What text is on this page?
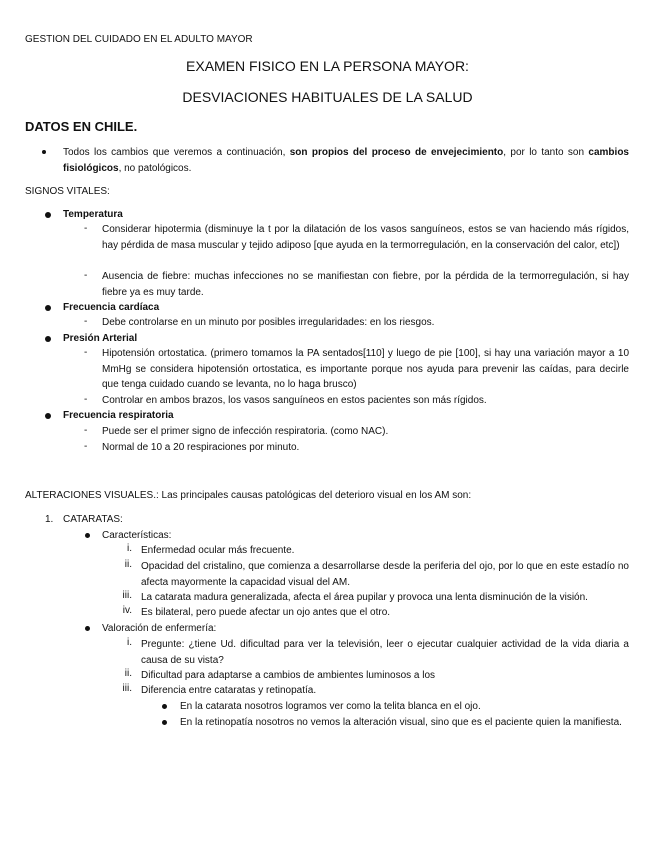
GESTION DEL CUIDADO EN EL ADULTO MAYOR
EXAMEN FISICO EN LA PERSONA MAYOR:
DESVIACIONES HABITUALES DE LA SALUD
DATOS EN CHILE.
Todos los cambios que veremos a continuación, son propios del proceso de envejecimiento, por lo tanto son cambios fisiológicos, no patológicos.
SIGNOS VITALES:
Temperatura
- Considerar hipotermia (disminuye la t por la dilatación de los vasos sanguíneos, estos se van haciendo más rígidos, hay pérdida de masa muscular y tejido adiposo [que ayuda en la termorregulación, en la conservación del calor, etc])
- Ausencia de fiebre: muchas infecciones no se manifiestan con fiebre, por la pérdida de la termorregulación, si hay fiebre ya es muy tarde.
Frecuencia cardíaca
- Debe controlarse en un minuto por posibles irregularidades: en los riesgos.
Presión Arterial
- Hipotensión ortostatica. (primero tomamos la PA sentados[110] y luego de pie [100], si hay una variación mayor a 10 MmHg se considera hipotensión ortostatica, es importante porque nos ayuda para prevenir las caídas, para decirle que tenga cuidado cuando se levanta, no lo haga brusco)
- Controlar en ambos brazos, los vasos sanguíneos en estos pacientes son más rígidos.
Frecuencia respiratoria
- Puede ser el primer signo de infección respiratoria. (como NAC).
- Normal de 10 a 20 respiraciones por minuto.
ALTERACIONES VISUALES.: Las principales causas patológicas del deterioro visual en los AM son:
1. CATARATAS:
Características:
i. Enfermedad ocular más frecuente.
ii. Opacidad del cristalino, que comienza a desarrollarse desde la periferia del ojo, por lo que en este estadío no afecta mayormente la capacidad visual del AM.
iii. La catarata madura generalizada, afecta el área pupilar y provoca una lenta disminución de la visión.
iv. Es bilateral, pero puede afectar un ojo antes que el otro.
Valoración de enfermería:
i. Pregunte: ¿tiene Ud. dificultad para ver la televisión, leer o ejecutar cualquier actividad de la vida diaria a causa de su vista?
ii. Dificultad para adaptarse a cambios de ambientes luminosos a los
iii. Diferencia entre cataratas y retinopatía.
En la catarata nosotros logramos ver como la telita blanca en el ojo.
En la retinopatía nosotros no vemos la alteración visual, sino que es el paciente quien la manifiesta.
